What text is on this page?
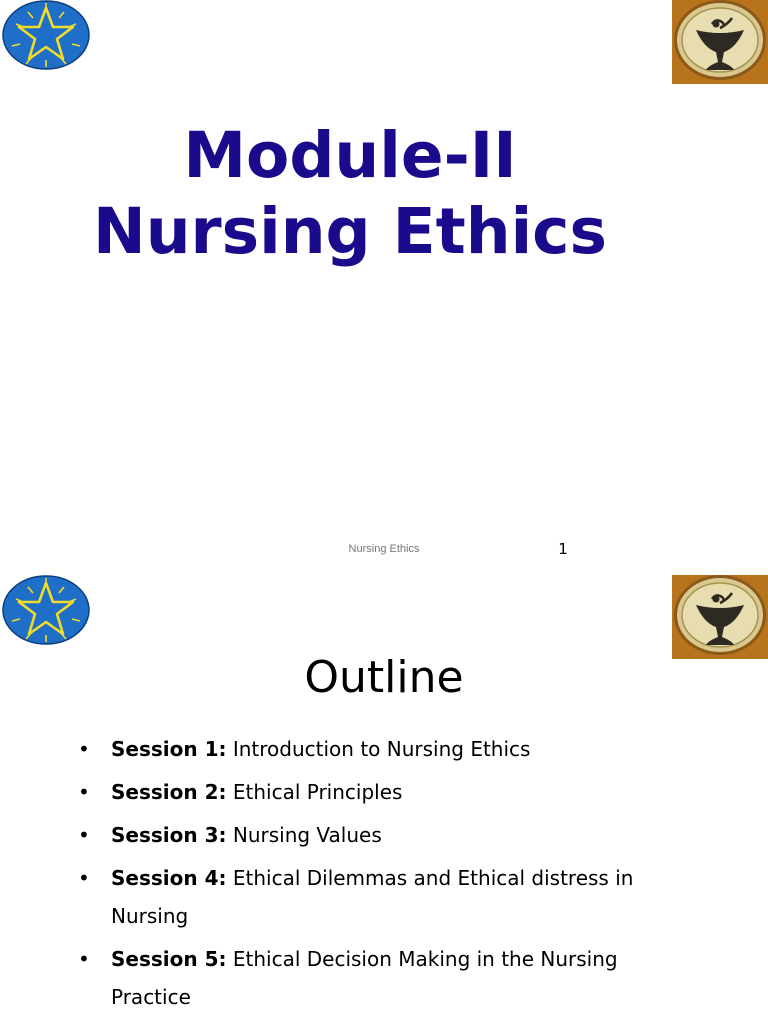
Module-II
Nursing Ethics
Nursing Ethics	1
Outline
• Session 1: Introduction to Nursing Ethics
• Session 2: Ethical Principles
• Session 3: Nursing Values
• Session 4: Ethical Dilemmas and Ethical distress in Nursing
• Session 5: Ethical Decision Making in the Nursing Practice
